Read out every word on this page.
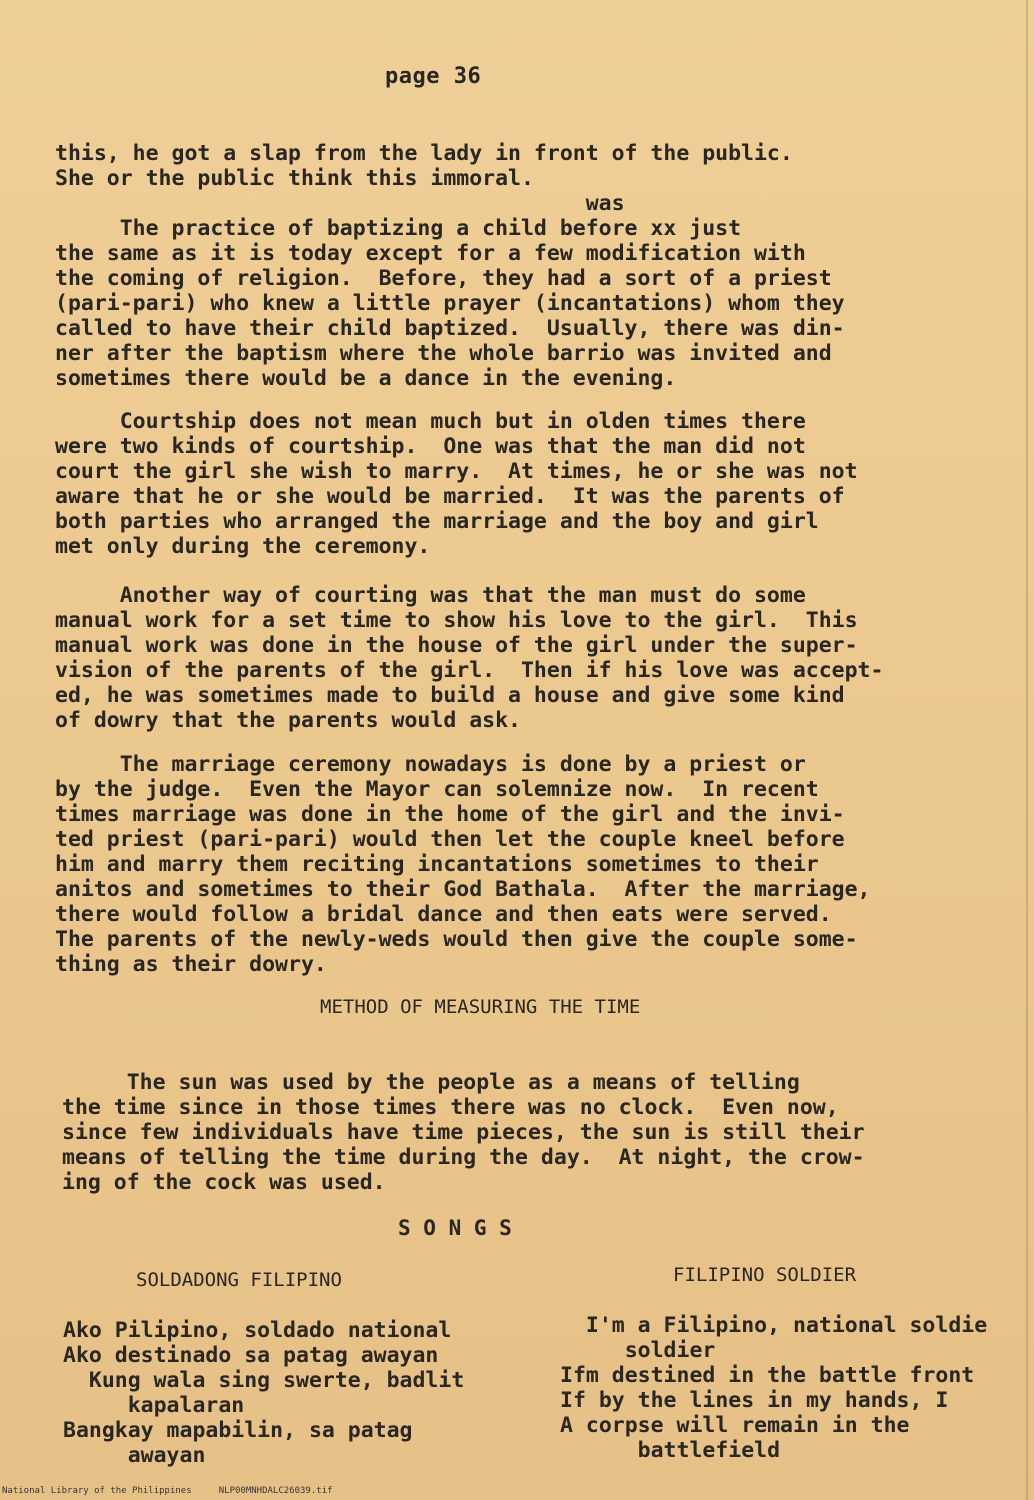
page 36

this, he got a slap from the lady in front of the public.
She or the public think this immoral.
was
The practice of baptizing a child before xx just
the same as it is today except for a few modification with
the coming of religion.  Before, they had a sort of a priest
(pari-pari) who knew a little prayer (incantations) whom they
called to have their child baptized.  Usually, there was din-
ner after the baptism where the whole barrio was invited and
sometimes there would be a dance in the evening.

Courtship does not mean much but in olden times there
were two kinds of courtship.  One was that the man did not
court the girl she wish to marry.  At times, he or she was not
aware that he or she would be married.  It was the parents of
both parties who arranged the marriage and the boy and girl
met only during the ceremony.

Another way of courting was that the man must do some
manual work for a set time to show his love to the girl.  This
manual work was done in the house of the girl under the super-
vision of the parents of the girl.  Then if his love was accept-
ed, he was sometimes made to build a house and give some kind
of dowry that the parents would ask.

The marriage ceremony nowadays is done by a priest or
by the judge.  Even the Mayor can solemnize now.  In recent
times marriage was done in the home of the girl and the invi-
ted priest (pari-pari) would then let the couple kneel before
him and marry them reciting incantations sometimes to their
anitos and sometimes to their God Bathala.  After the marriage,
there would follow a bridal dance and then eats were served.
The parents of the newly-weds would then give the couple some-
thing as their dowry.

METHOD OF MEASURING THE TIME

The sun was used by the people as a means of telling
the time since in those times there was no clock.  Even now,
since few individuals have time pieces, the sun is still their
means of telling the time during the day.  At night, the crow-
ing of the cock was used.

S O N G S
SOLDADONG FILIPINO	FILIPINO SOLDIER
Ako Pilipino, soldado national
Ako destinado sa patag awayan
Kung wala sing swerte, badlit
kapalaran
Bangkay mapabilin, sa patag
awayan
I'm a Filipino, national soldie
soldier
Ifm destined in the battle front
If by the lines in my hands, I
A corpse will remain in the
battlefield
National Library of the Philippines     NLP00MNHDALC26039.tif
